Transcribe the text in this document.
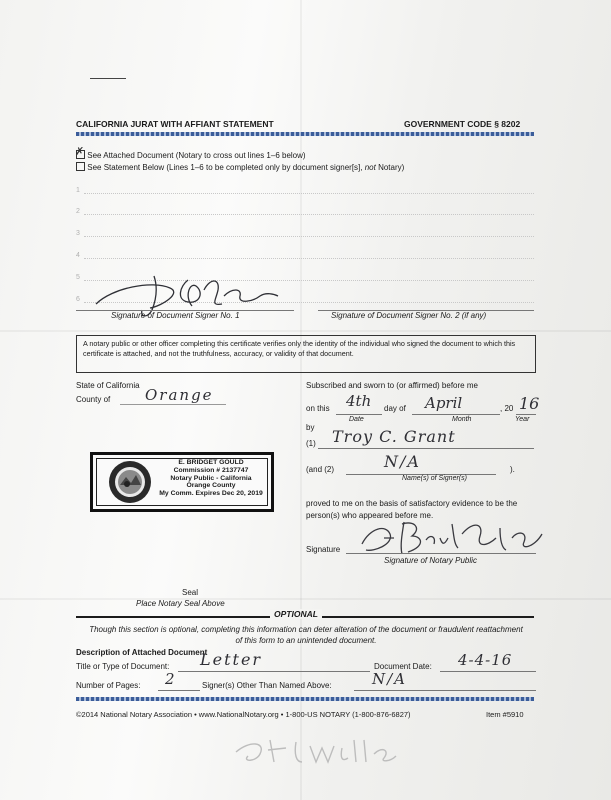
CALIFORNIA JURAT WITH AFFIANT STATEMENT	GOVERNMENT CODE § 8202
✗ See Attached Document (Notary to cross out lines 1–6 below)
See Statement Below (Lines 1–6 to be completed only by document signer[s], not Notary)
1
2
3
4
5
6
Signature of Document Signer No. 1	Signature of Document Signer No. 2 (if any)
A notary public or other officer completing this certificate verifies only the identity of the individual who signed the document to which this certificate is attached, and not the truthfulness, accuracy, or validity of that document.
State of California
County of Orange
Subscribed and sworn to (or affirmed) before me
on this 4th day of April	, 20 16
Date	Month	Year
by
(1) Troy C. Grant
(and (2)	N/A	).
Name(s) of Signer(s)
proved to me on the basis of satisfactory evidence to be the person(s) who appeared before me.
Signature
Signature of Notary Public
E. BRIDGET GOULD
Commission # 2137747
Notary Public - California
Orange County
My Comm. Expires Dec 20, 2019
Seal
Place Notary Seal Above
OPTIONAL
Though this section is optional, completing this information can deter alteration of the document or fraudulent reattachment of this form to an unintended document.
Description of Attached Document
Title or Type of Document: Letter	Document Date: 4-4-16
Number of Pages: 2	Signer(s) Other Than Named Above:	N/A
©2014 National Notary Association • www.NationalNotary.org • 1-800-US NOTARY (1-800-876-6827)	Item #5910
